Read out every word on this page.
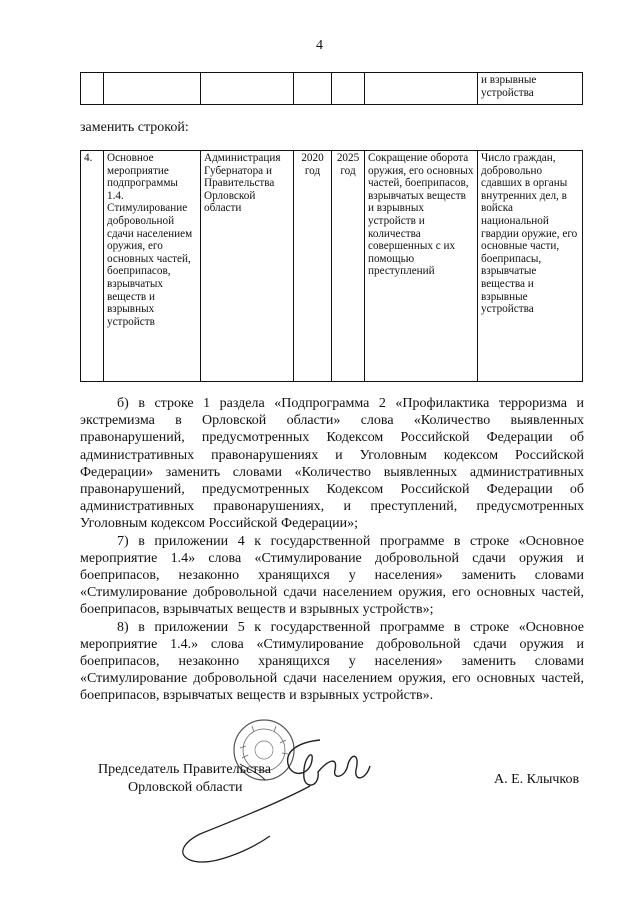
4
						и взрывные устройства
заменить строкой:
4.	Основное мероприятие подпрограммы 1.4. Стимулирование добровольной сдачи населением оружия, его основных частей, боеприпасов, взрывчатых веществ и взрывных устройств	Администрация Губернатора и Правительства Орловской области	2020 год	2025 год	Сокращение оборота оружия, его основных частей, боеприпасов, взрывчатых веществ и взрывных устройств и количества совершенных с их помощью преступлений	Число граждан, добровольно сдавших в органы внутренних дел, в войска национальной гвардии оружие, его основные части, боеприпасы, взрывчатые вещества и взрывные устройства

б) в строке 1 раздела «Подпрограмма 2 «Профилактика терроризма и экстремизма в Орловской области» слова «Количество выявленных правонарушений, предусмотренных Кодексом Российской Федерации об административных правонарушениях и Уголовным кодексом Российской Федерации» заменить словами «Количество выявленных административных правонарушений, предусмотренных Кодексом Российской Федерации об административных правонарушениях, и преступлений, предусмотренных Уголовным кодексом Российской Федерации»;

7) в приложении 4 к государственной программе в строке «Основное мероприятие 1.4» слова «Стимулирование добровольной сдачи оружия и боеприпасов, незаконно хранящихся у населения» заменить словами «Стимулирование добровольной сдачи населением оружия, его основных частей, боеприпасов, взрывчатых веществ и взрывных устройств»;

8) в приложении 5 к государственной программе в строке «Основное мероприятие 1.4.» слова «Стимулирование добровольной сдачи оружия и боеприпасов, незаконно хранящихся у населения» заменить словами «Стимулирование добровольной сдачи населением оружия, его основных частей, боеприпасов, взрывчатых веществ и взрывных устройств».

Председатель Правительства
Орловской области
А. Е. Клычков
